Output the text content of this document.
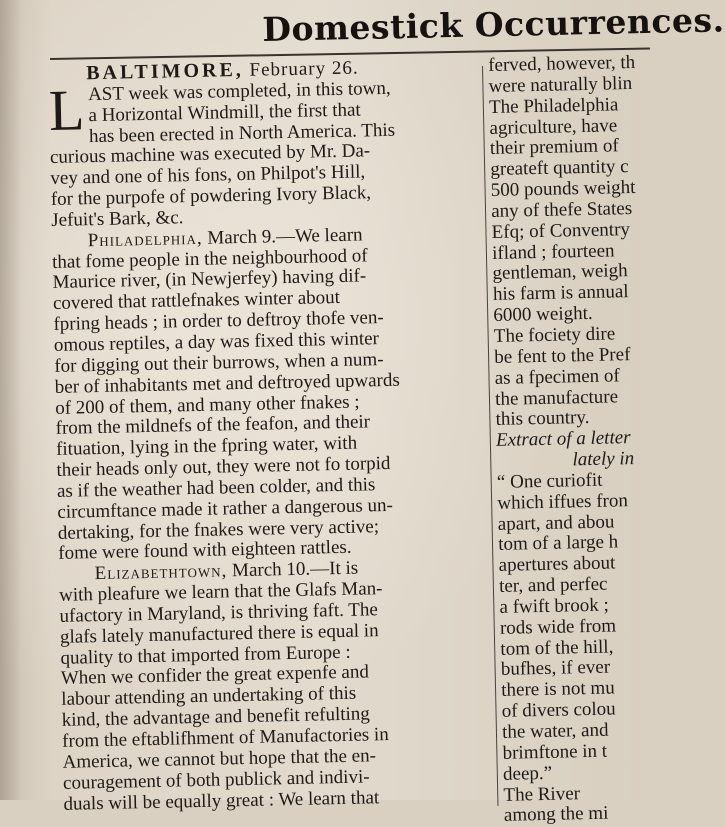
Domestick Occurrences.

BALTIMORE, February 26.

L AST week was completed, in this town,

a Horizontal Windmill, the first that

has been erected in North America. This

curious machine was executed by Mr. Da-

vey and one of his fons, on Philpot's Hill,

for the purpofe of powdering Ivory Black,

Jefuit's Bark, &c.

Philadelphia, March 9.—We learn

that fome people in the neighbourhood of

Maurice river, (in Newjerfey) having dif-

covered that rattlefnakes winter about

fpring heads ; in order to deftroy thofe ven-

omous reptiles, a day was fixed this winter

for digging out their burrows, when a num-

ber of inhabitants met and deftroyed upwards

of 200 of them, and many other fnakes ;

from the mildnefs of the feafon, and their

fituation, lying in the fpring water, with

their heads only out, they were not fo torpid

as if the weather had been colder, and this

circumftance made it rather a dangerous un-

dertaking, for the fnakes were very active;

fome were found with eighteen rattles.

Elizabethtown, March 10.—It is

with pleafure we learn that the Glafs Man-

ufactory in Maryland, is thriving faft. The

glafs lately manufactured there is equal in

quality to that imported from Europe :

When we confider the great expenfe and

labour attending an undertaking of this

kind, the advantage and benefit refulting

from the eftablifhment of Manufactories in

America, we cannot but hope that the en-

couragement of both publick and indivi-

duals will be equally great : We learn that

ferved, however, th

were naturally blin

The Philadelphia

agriculture, have

their premium of

greateft quantity c

500 pounds weight

any of thefe States

Efq; of Conventry

ifland ; fourteen

gentleman, weigh

his farm is annual

6000 weight.

The fociety dire

be fent to the Pref

as a fpecimen of

the manufacture

this country.

Extract of a letter

lately in

“ One curiofit

which iffues fron

apart, and abou

tom of a large h

apertures about

ter, and perfec

a fwift brook ;

rods wide from

tom of the hill,

bufhes, if ever

there is not mu

of divers colou

the water, and

brimftone in t

deep.”

The River

among the mi
